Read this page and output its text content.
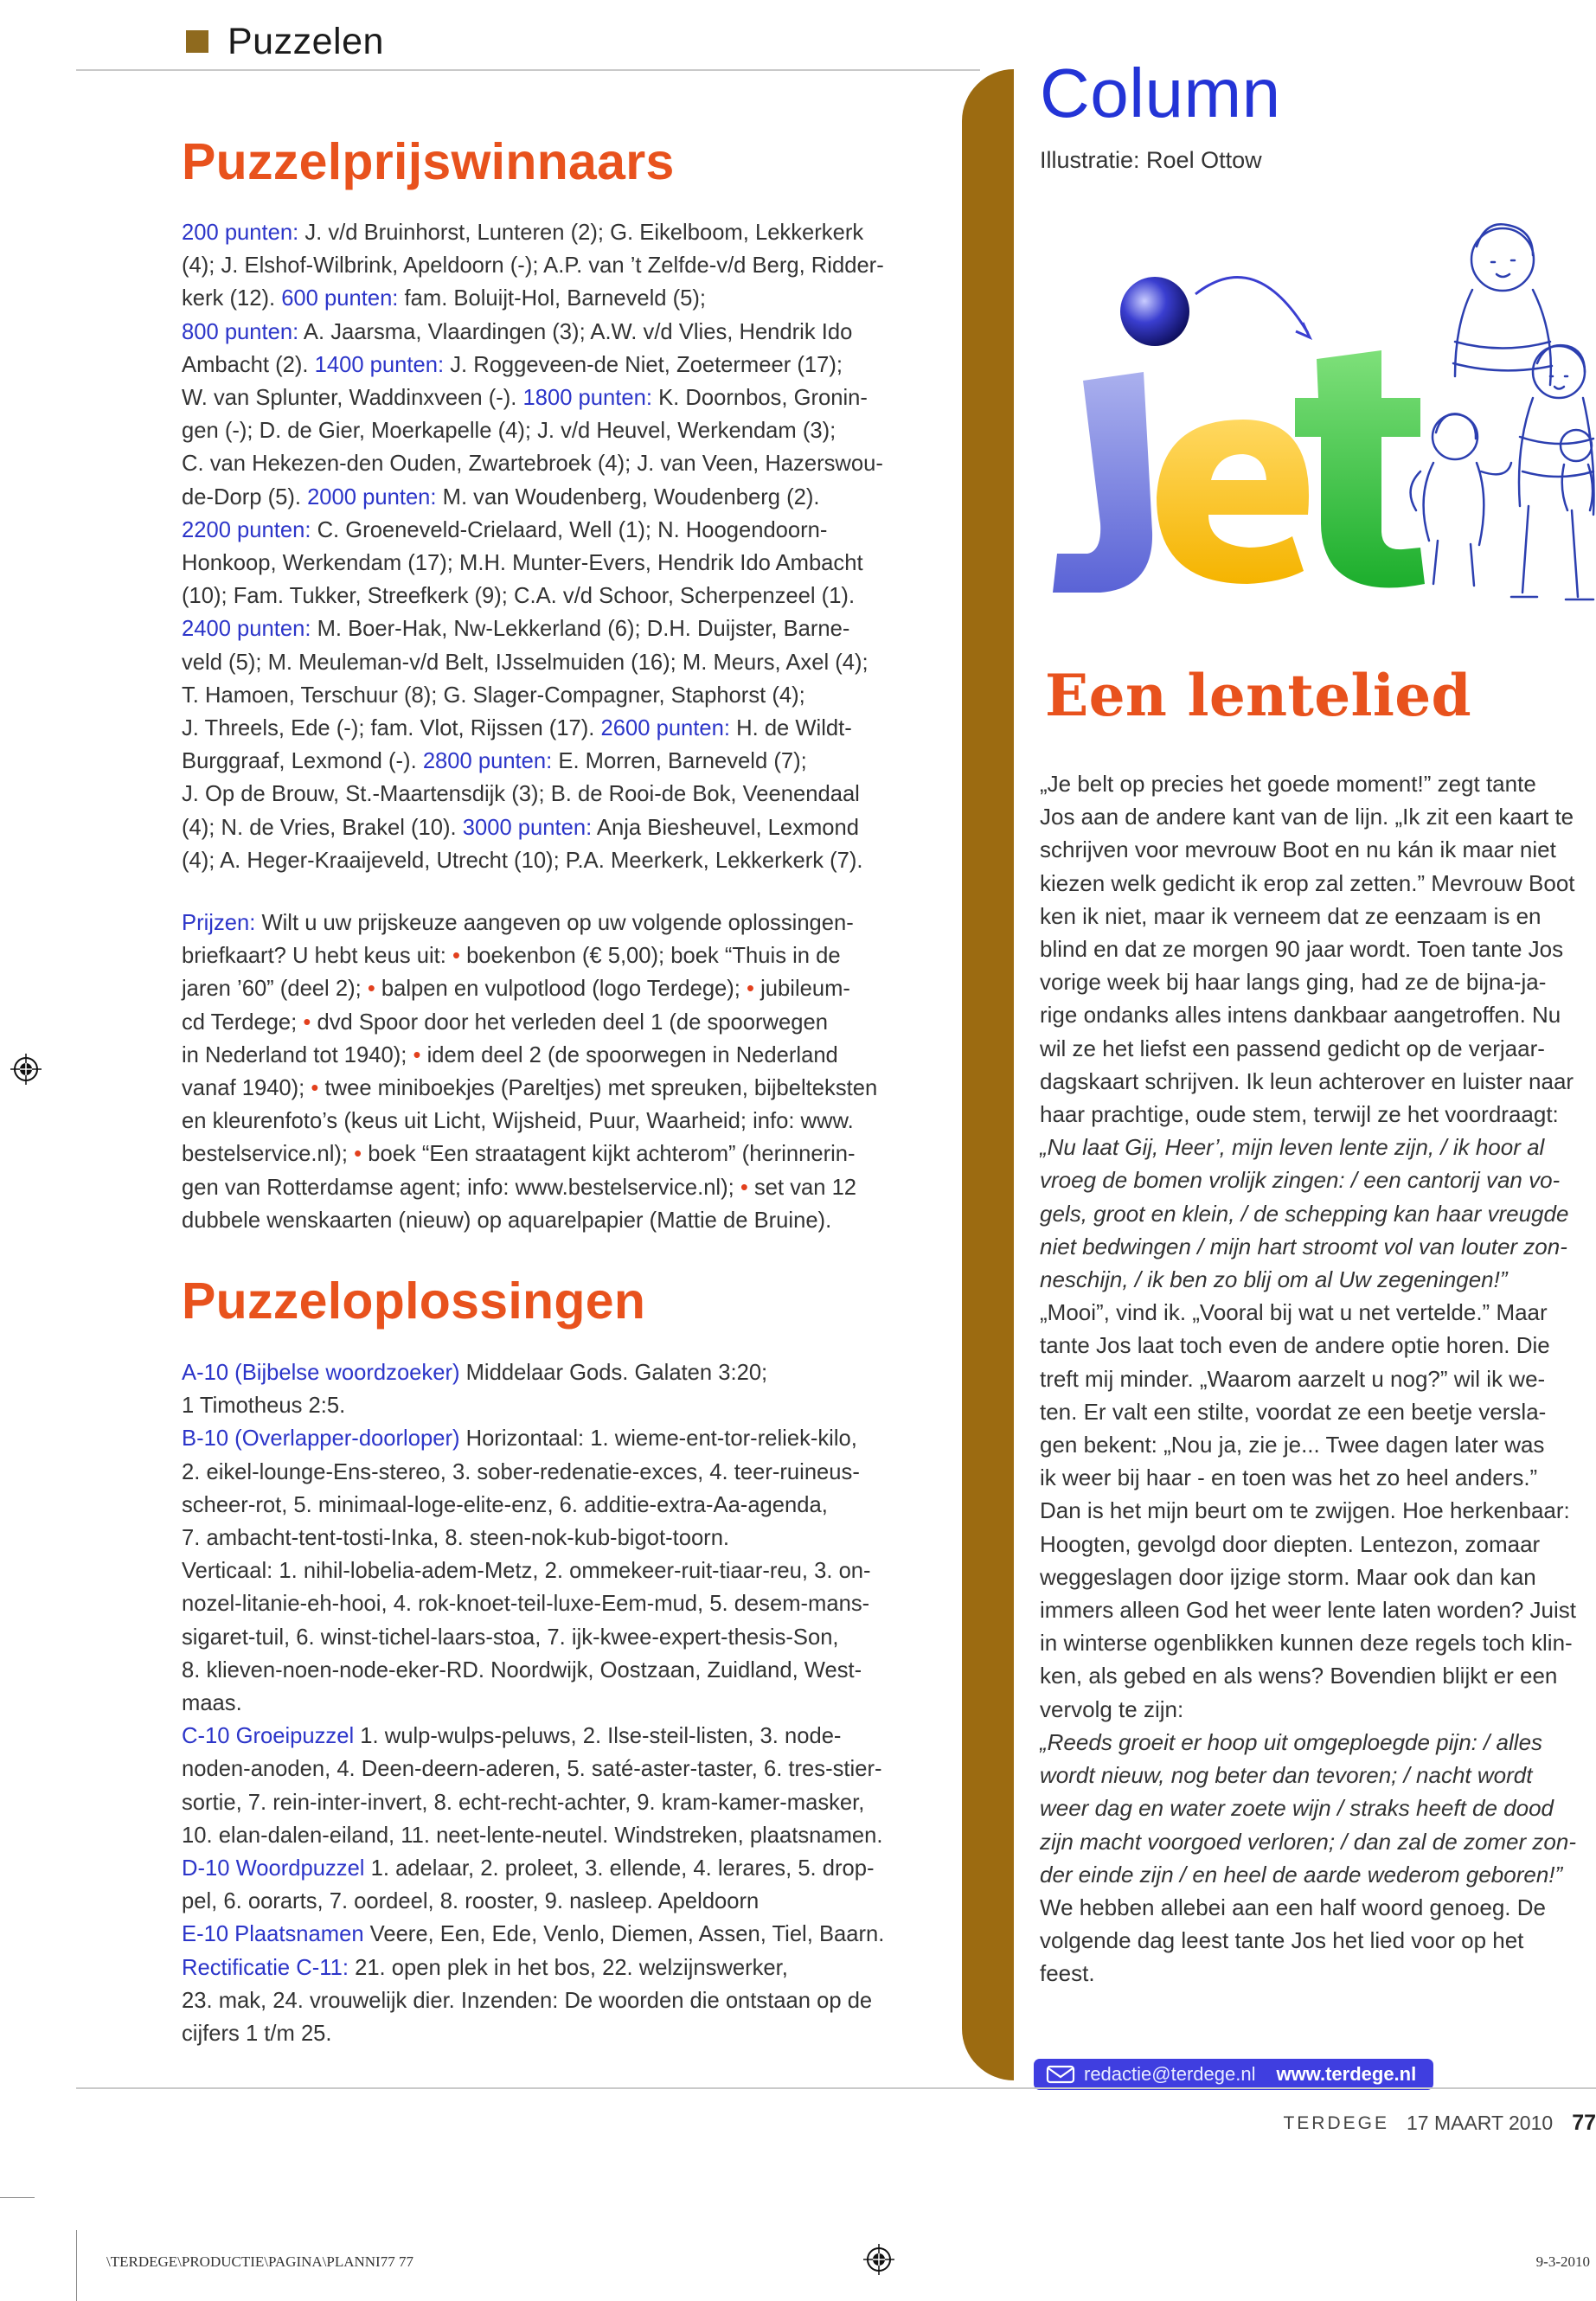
Puzzelen
Puzzelprijswinnaars
200 punten: J. v/d Bruinhorst, Lunteren (2); G. Eikelboom, Lekkerkerk
(4); J. Elshof-Wilbrink, Apeldoorn (-); A.P. van ’t Zelfde-v/d Berg, Ridder-
kerk (12). 600 punten: fam. Boluijt-Hol, Barneveld (5);
800 punten: A. Jaarsma, Vlaardingen (3); A.W. v/d Vlies, Hendrik Ido
Ambacht (2). 1400 punten: J. Roggeveen-de Niet, Zoetermeer (17);
W. van Splunter, Waddinxveen (-). 1800 punten: K. Doornbos, Gronin-
gen (-); D. de Gier, Moerkapelle (4); J. v/d Heuvel, Werkendam (3);
C. van Hekezen-den Ouden, Zwartebroek (4); J. van Veen, Hazerswou-
de-Dorp (5). 2000 punten: M. van Woudenberg, Woudenberg (2).
2200 punten: C. Groeneveld-Crielaard, Well (1); N. Hoogendoorn-
Honkoop, Werkendam (17); M.H. Munter-Evers, Hendrik Ido Ambacht
(10); Fam. Tukker, Streefkerk (9); C.A. v/d Schoor, Scherpenzeel (1).
2400 punten: M. Boer-Hak, Nw-Lekkerland (6); D.H. Duijster, Barne-
veld (5); M. Meuleman-v/d Belt, IJsselmuiden (16); M. Meurs, Axel (4);
T. Hamoen, Terschuur (8); G. Slager-Compagner, Staphorst (4);
J. Threels, Ede (-); fam. Vlot, Rijssen (17). 2600 punten: H. de Wildt-
Burggraaf, Lexmond (-). 2800 punten: E. Morren, Barneveld (7);
J. Op de Brouw, St.-Maartensdijk (3); B. de Rooi-de Bok, Veenendaal
(4); N. de Vries, Brakel (10). 3000 punten: Anja Biesheuvel, Lexmond
(4); A. Heger-Kraaijeveld, Utrecht (10); P.A. Meerkerk, Lekkerkerk (7).
Prijzen: Wilt u uw prijskeuze aangeven op uw volgende oplossingen-
briefkaart? U hebt keus uit: • boekenbon (€ 5,00); boek “Thuis in de
jaren ’60” (deel 2); • balpen en vulpotlood (logo Terdege); • jubileum-
cd Terdege; • dvd Spoor door het verleden deel 1 (de spoorwegen
in Nederland tot 1940); • idem deel 2 (de spoorwegen in Nederland
vanaf 1940); • twee miniboekjes (Pareltjes) met spreuken, bijbelteksten
en kleurenfoto’s (keus uit Licht, Wijsheid, Puur, Waarheid; info: www.
bestelservice.nl); • boek “Een straatagent kijkt achterom” (herinnerin-
gen van Rotterdamse agent; info: www.bestelservice.nl); • set van 12
dubbele wenskaarten (nieuw) op aquarelpapier (Mattie de Bruine).
Puzzeloplossingen
A-10 (Bijbelse woordzoeker) Middelaar Gods. Galaten 3:20;
1 Timotheus 2:5.
B-10 (Overlapper-doorloper) Horizontaal: 1. wieme-ent-tor-reliek-kilo,
2. eikel-lounge-Ens-stereo, 3. sober-redenatie-exces, 4. teer-ruineus-
scheer-rot, 5. minimaal-loge-elite-enz, 6. additie-extra-Aa-agenda,
7. ambacht-tent-tosti-Inka, 8. steen-nok-kub-bigot-toorn.
Verticaal: 1. nihil-lobelia-adem-Metz, 2. ommekeer-ruit-tiaar-reu, 3. on-
nozel-litanie-eh-hooi, 4. rok-knoet-teil-luxe-Eem-mud, 5. desem-mans-
sigaret-tuil, 6. winst-tichel-laars-stoa, 7. ijk-kwee-expert-thesis-Son,
8. klieven-noen-node-eker-RD. Noordwijk, Oostzaan, Zuidland, West-
maas.
C-10 Groeipuzzel 1. wulp-wulps-peluws, 2. Ilse-steil-listen, 3. node-
noden-anoden, 4. Deen-deern-aderen, 5. saté-aster-taster, 6. tres-stier-
sortie, 7. rein-inter-invert, 8. echt-recht-achter, 9. kram-kamer-masker,
10. elan-dalen-eiland, 11. neet-lente-neutel. Windstreken, plaatsnamen.
D-10 Woordpuzzel 1. adelaar, 2. proleet, 3. ellende, 4. lerares, 5. drop-
pel, 6. oorarts, 7. oordeel, 8. rooster, 9. nasleep. Apeldoorn
E-10 Plaatsnamen Veere, Een, Ede, Venlo, Diemen, Assen, Tiel, Baarn.
Rectificatie C-11: 21. open plek in het bos, 22. welzijnswerker,
23. mak, 24. vrouwelijk dier. Inzenden: De woorden die ontstaan op de
cijfers 1 t/m 25.
Column
Illustratie: Roel Ottow
Een lentelied
„Je belt op precies het goede moment!” zegt tante
Jos aan de andere kant van de lijn. „Ik zit een kaart te
schrijven voor mevrouw Boot en nu kán ik maar niet
kiezen welk gedicht ik erop zal zetten.” Mevrouw Boot
ken ik niet, maar ik verneem dat ze eenzaam is en
blind en dat ze morgen 90 jaar wordt. Toen tante Jos
vorige week bij haar langs ging, had ze de bijna-ja-
rige ondanks alles intens dankbaar aangetroffen. Nu
wil ze het liefst een passend gedicht op de verjaar-
dagskaart schrijven. Ik leun achterover en luister naar
haar prachtige, oude stem, terwijl ze het voordraagt:
„Nu laat Gij, Heer’, mijn leven lente zijn, / ik hoor al
vroeg de bomen vrolijk zingen: / een cantorij van vo-
gels, groot en klein, / de schepping kan haar vreugde
niet bedwingen / mijn hart stroomt vol van louter zon-
neschijn, / ik ben zo blij om al Uw zegeningen!”
„Mooi”, vind ik. „Vooral bij wat u net vertelde.” Maar
tante Jos laat toch even de andere optie horen. Die
treft mij minder. „Waarom aarzelt u nog?” wil ik we-
ten. Er valt een stilte, voordat ze een beetje versla-
gen bekent: „Nou ja, zie je... Twee dagen later was
ik weer bij haar - en toen was het zo heel anders.”
Dan is het mijn beurt om te zwijgen. Hoe herkenbaar:
Hoogten, gevolgd door diepten. Lentezon, zomaar
weggeslagen door ijzige storm. Maar ook dan kan
immers alleen God het weer lente laten worden? Juist
in winterse ogenblikken kunnen deze regels toch klin-
ken, als gebed en als wens? Bovendien blijkt er een
vervolg te zijn:
„Reeds groeit er hoop uit omgeploegde pijn: / alles
wordt nieuw, nog beter dan tevoren; / nacht wordt
weer dag en water zoete wijn / straks heeft de dood
zijn macht voorgoed verloren; / dan zal de zomer zon-
der einde zijn / en heel de aarde wederom geboren!”
We hebben allebei aan een half woord genoeg. De
volgende dag leest tante Jos het lied voor op het
feest.
redactie@terdege.nl www.terdege.nl
TERDEGE 17 MAART 2010 77
\TERDEGE\PRODUCTIE\PAGINA\PLANNI77 77	9-3-2010
